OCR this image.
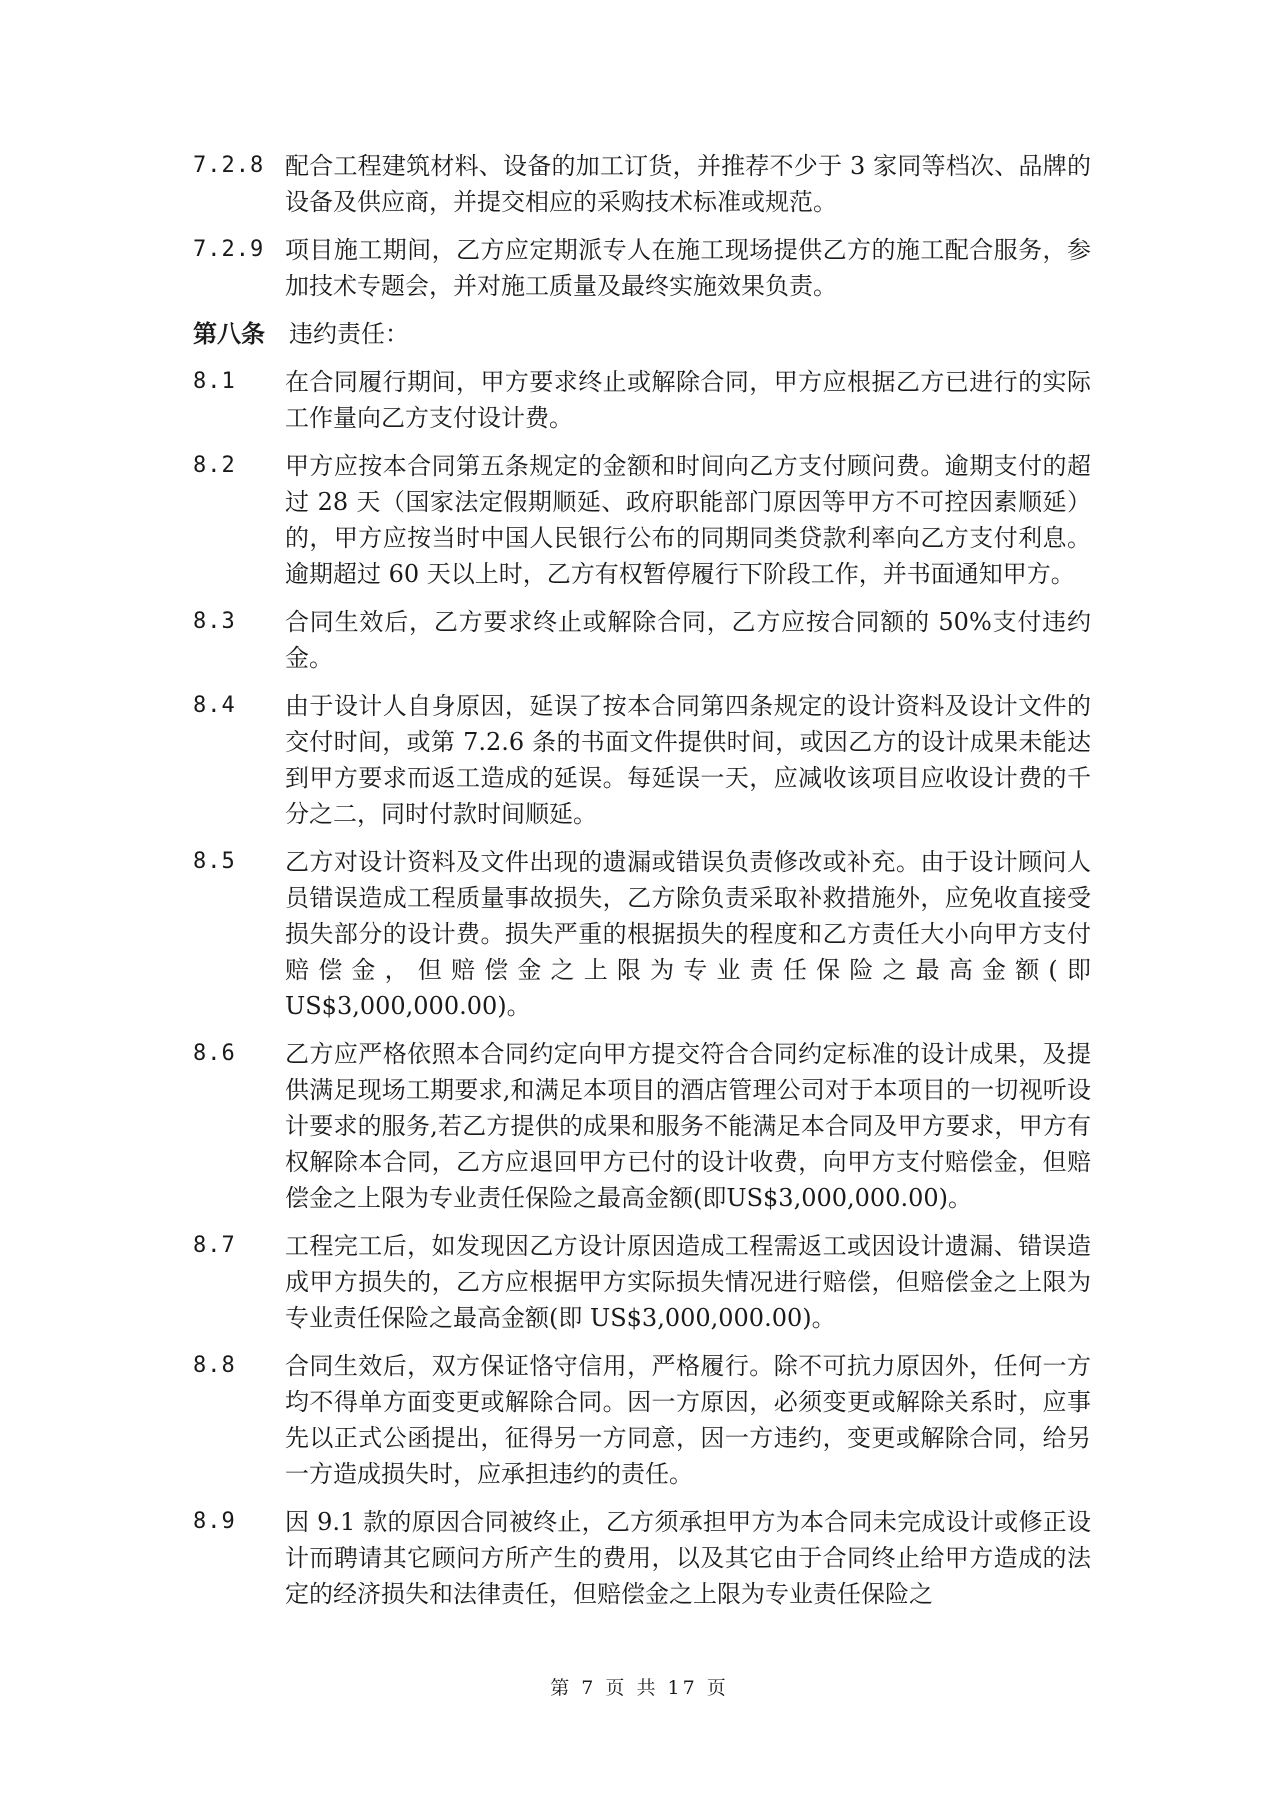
7.2.8 配合工程建筑材料、设备的加工订货，并推荐不少于 3 家同等档次、品牌的设备及供应商，并提交相应的采购技术标准或规范。
7.2.9 项目施工期间，乙方应定期派专人在施工现场提供乙方的施工配合服务，参加技术专题会，并对施工质量及最终实施效果负责。
第八条 违约责任：
8.1 在合同履行期间，甲方要求终止或解除合同，甲方应根据乙方已进行的实际工作量向乙方支付设计费。
8.2 甲方应按本合同第五条规定的金额和时间向乙方支付顾问费。逾期支付的超过 28 天（国家法定假期顺延、政府职能部门原因等甲方不可控因素顺延）的，甲方应按当时中国人民银行公布的同期同类贷款利率向乙方支付利息。逾期超过 60 天以上时，乙方有权暂停履行下阶段工作，并书面通知甲方。
8.3 合同生效后，乙方要求终止或解除合同，乙方应按合同额的 50%支付违约金。
8.4 由于设计人自身原因，延误了按本合同第四条规定的设计资料及设计文件的交付时间，或第 7.2.6 条的书面文件提供时间，或因乙方的设计成果未能达到甲方要求而返工造成的延误。每延误一天，应减收该项目应收设计费的千分之二，同时付款时间顺延。
8.5 乙方对设计资料及文件出现的遗漏或错误负责修改或补充。由于设计顾问人员错误造成工程质量事故损失，乙方除负责采取补救措施外，应免收直接受损失部分的设计费。损失严重的根据损失的程度和乙方责任大小向甲方支付赔偿金，但赔偿金之上限为专业责任保险之最高金额(即US$3,000,000.00)。
8.6 乙方应严格依照本合同约定向甲方提交符合合同约定标准的设计成果，及提供满足现场工期要求,和满足本项目的酒店管理公司对于本项目的一切视听设计要求的服务,若乙方提供的成果和服务不能满足本合同及甲方要求，甲方有权解除本合同，乙方应退回甲方已付的设计收费，向甲方支付赔偿金，但赔偿金之上限为专业责任保险之最高金额(即US$3,000,000.00)。
8.7 工程完工后，如发现因乙方设计原因造成工程需返工或因设计遗漏、错误造成甲方损失的，乙方应根据甲方实际损失情况进行赔偿，但赔偿金之上限为专业责任保险之最高金额(即 US$3,000,000.00)。
8.8 合同生效后，双方保证恪守信用，严格履行。除不可抗力原因外，任何一方均不得单方面变更或解除合同。因一方原因，必须变更或解除关系时，应事先以正式公函提出，征得另一方同意，因一方违约，变更或解除合同，给另一方造成损失时，应承担违约的责任。
8.9 因 9.1 款的原因合同被终止，乙方须承担甲方为本合同未完成设计或修正设计而聘请其它顾问方所产生的费用，以及其它由于合同终止给甲方造成的法定的经济损失和法律责任，但赔偿金之上限为专业责任保险之
第 7 页 共 17 页
